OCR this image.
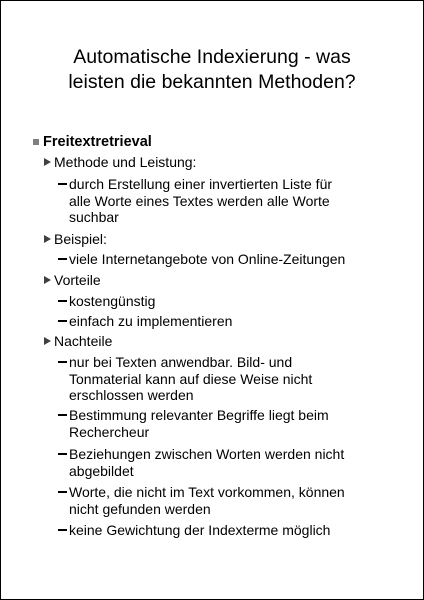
Automatische Indexierung - was
leisten die bekannten Methoden?
Freitextretrieval
Methode und Leistung:
durch Erstellung einer invertierten Liste für
alle Worte eines Textes werden alle Worte
suchbar
Beispiel:
viele Internetangebote von Online-Zeitungen
Vorteile
kostengünstig
einfach zu implementieren
Nachteile
nur bei Texten anwendbar. Bild- und
Tonmaterial kann auf diese Weise nicht
erschlossen werden
Bestimmung relevanter Begriffe liegt beim
Rechercheur
Beziehungen zwischen Worten werden nicht
abgebildet
Worte, die nicht im Text vorkommen, können
nicht gefunden werden
keine Gewichtung der Indexterme möglich
